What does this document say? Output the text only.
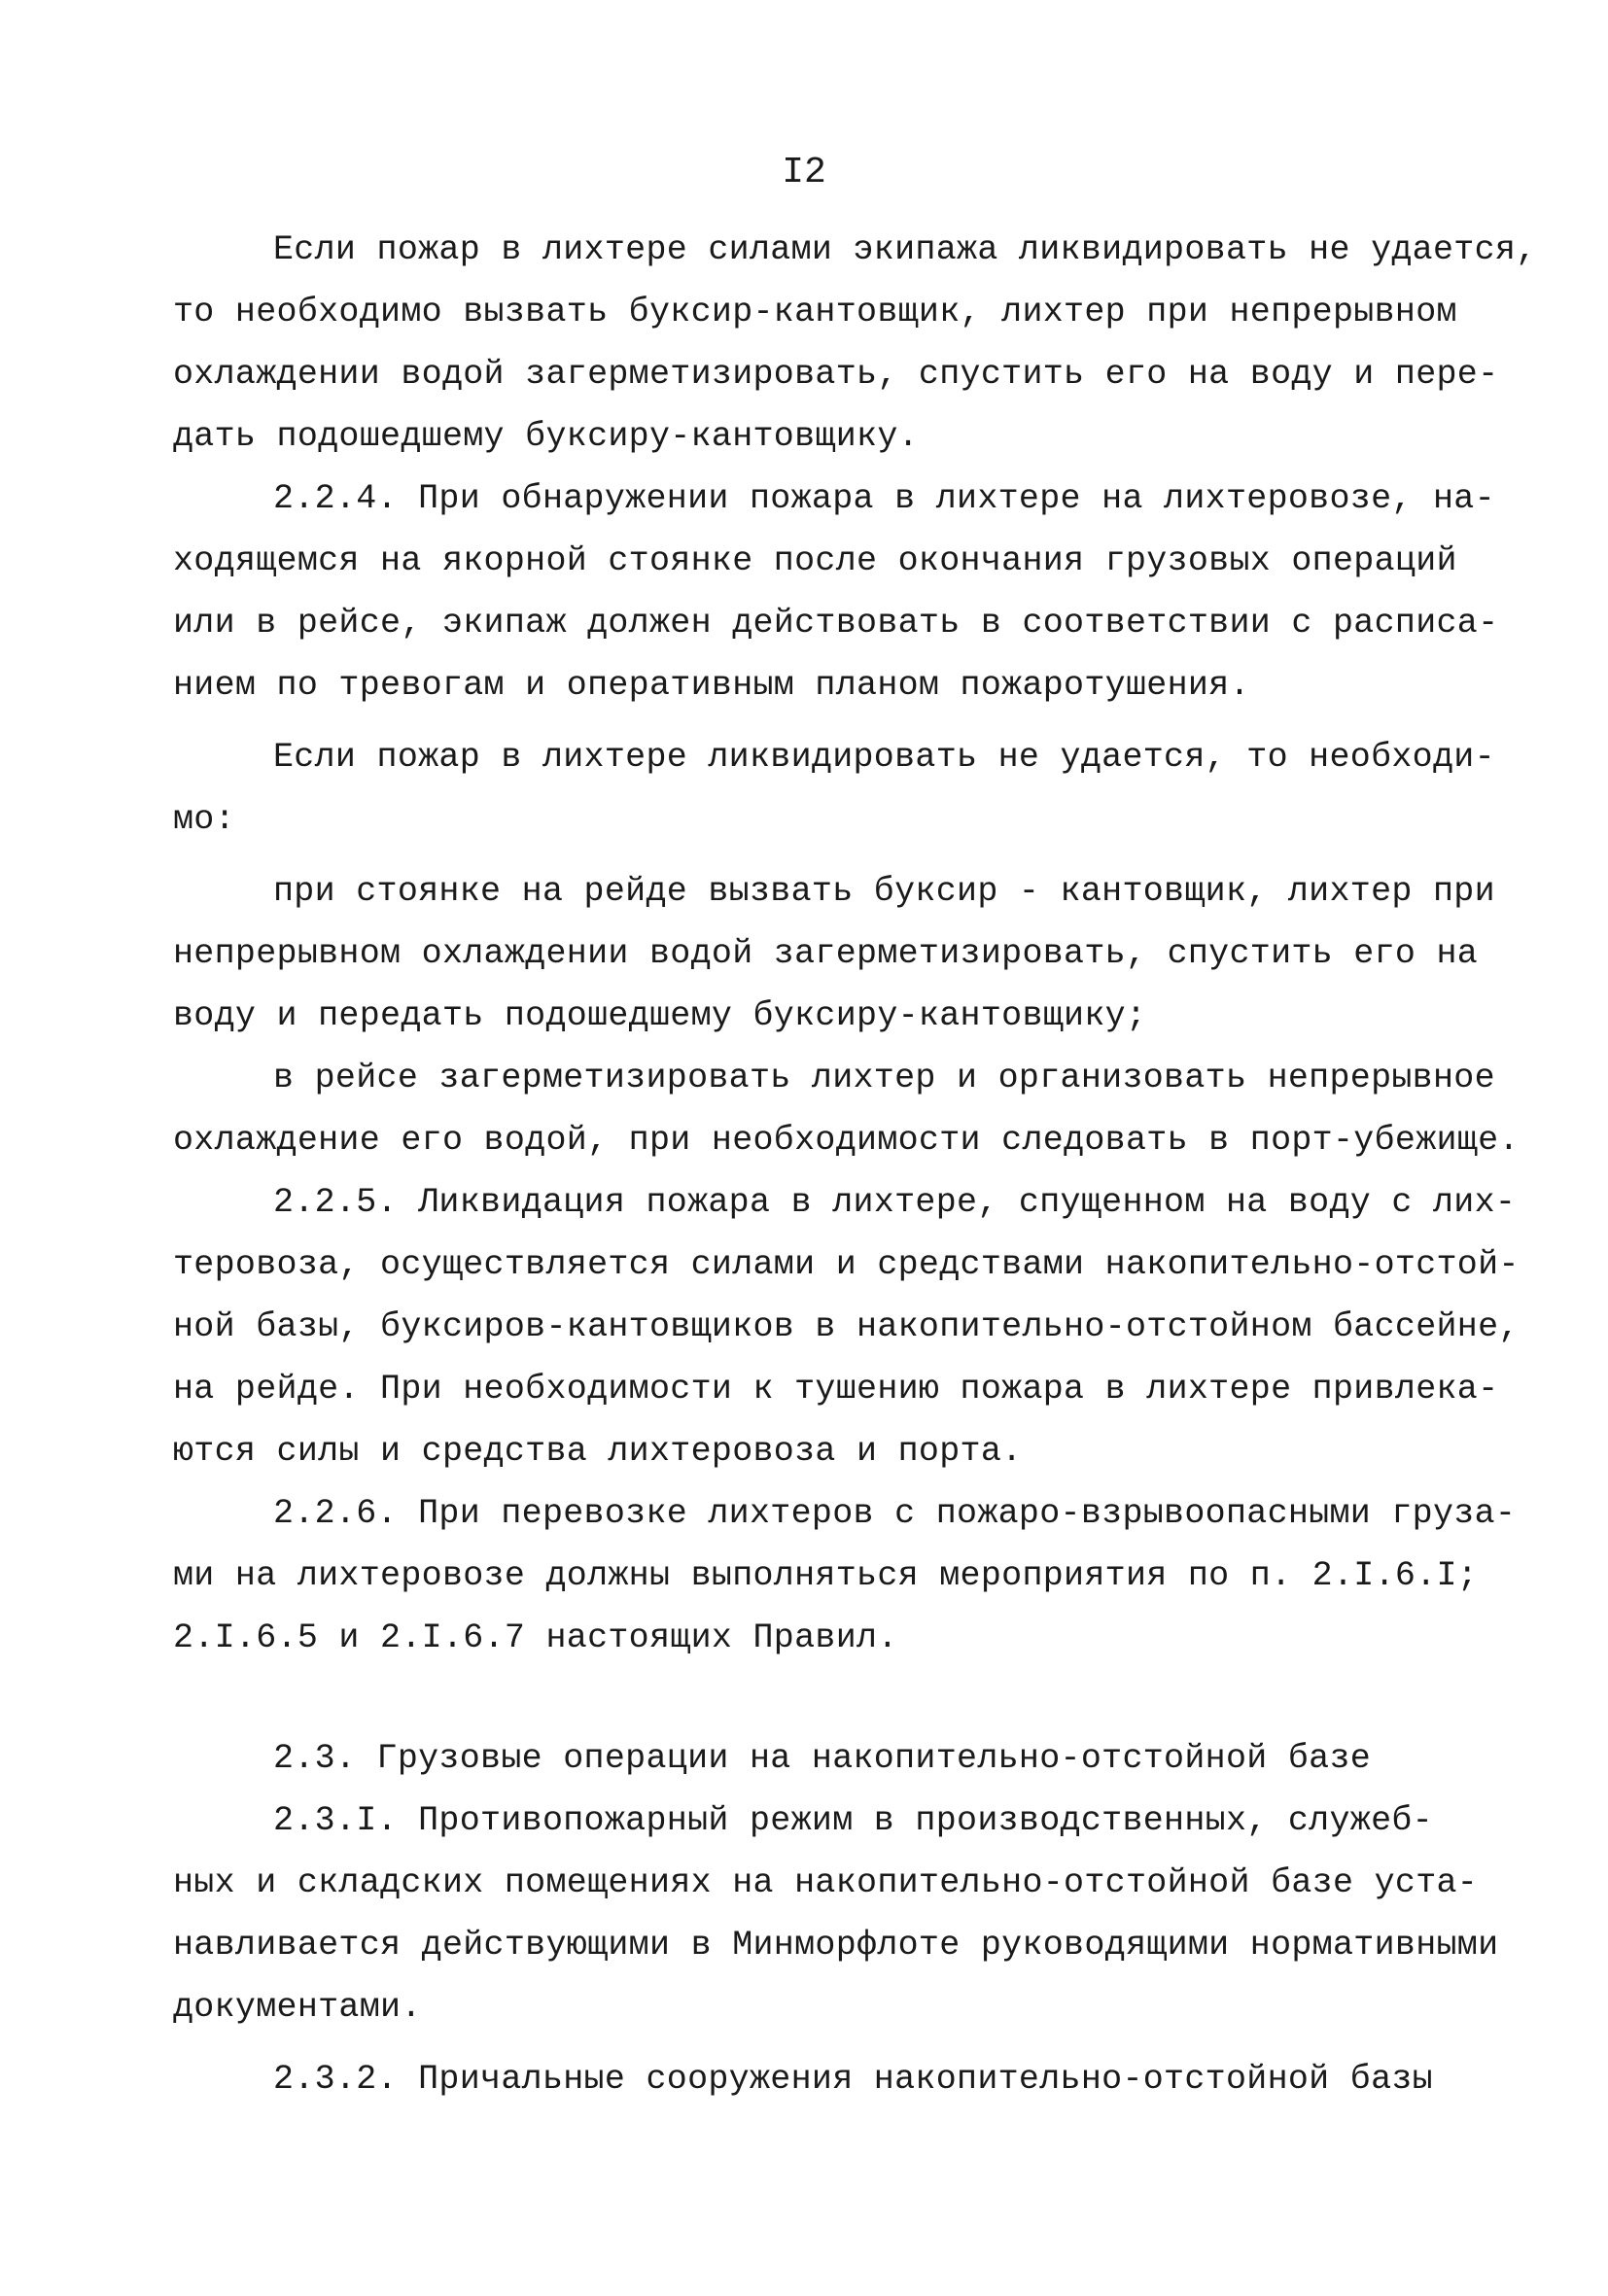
I2
Если пожар в лихтере силами экипажа ликвидировать не удается,
то необходимо вызвать буксир-кантовщик, лихтер при непрерывном
охлаждении водой загерметизировать, спустить его на воду и пере-
дать подошедшему буксиру-кантовщику.
2.2.4. При обнаружении пожара в лихтере на лихтеровозе, на-
ходящемся на якорной стоянке после окончания грузовых операций
или в рейсе, экипаж должен действовать в соответствии с расписа-
нием по тревогам и оперативным планом пожаротушения.
Если пожар в лихтере ликвидировать не удается, то необходи-
мо:
при стоянке на рейде вызвать буксир - кантовщик, лихтер при
непрерывном охлаждении водой загерметизировать, спустить его на
воду и передать подошедшему буксиру-кантовщику;
в рейсе загерметизировать лихтер и организовать непрерывное
охлаждение его водой, при необходимости следовать в порт-убежище.
2.2.5. Ликвидация пожара в лихтере, спущенном на воду с лих-
теровоза, осуществляется силами и средствами накопительно-отстой-
ной базы, буксиров-кантовщиков в накопительно-отстойном бассейне,
на рейде. При необходимости к тушению пожара в лихтере привлека-
ются силы и средства лихтеровоза и порта.
2.2.6. При перевозке лихтеров с пожаро-взрывоопасными груза-
ми на лихтеровозе должны выполняться мероприятия по п. 2.I.6.I;
2.I.6.5 и 2.I.6.7 настоящих Правил.
2.3. Грузовые операции на накопительно-отстойной базе
2.3.I. Противопожарный режим в производственных, служеб-
ных и складских помещениях на накопительно-отстойной базе уста-
навливается действующими в Минморфлоте руководящими нормативными
документами.
2.3.2. Причальные сооружения накопительно-отстойной базы
